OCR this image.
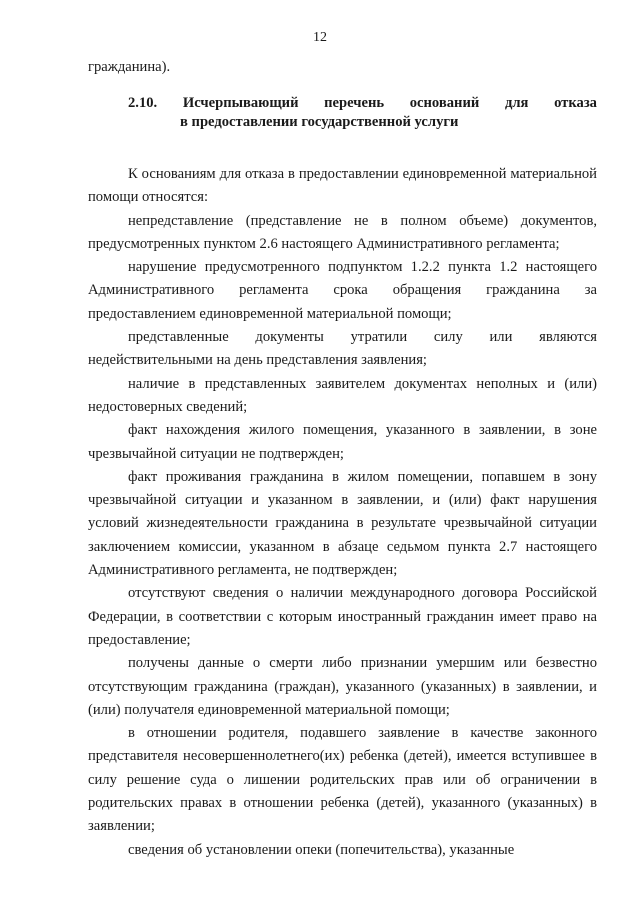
12
гражданина).
2.10. Исчерпывающий перечень оснований для отказа
в предоставлении государственной услуги

К основаниям для отказа в предоставлении единовременной материальной помощи относятся:

непредставление (представление не в полном объеме) документов, предусмотренных пунктом 2.6 настоящего Административного регламента;

нарушение предусмотренного подпунктом 1.2.2 пункта 1.2 настоящего Административного регламента срока обращения гражданина за предоставлением единовременной материальной помощи;

представленные документы утратили силу или являются недействительными на день представления заявления;

наличие в представленных заявителем документах неполных и (или) недостоверных сведений;

факт нахождения жилого помещения, указанного в заявлении, в зоне чрезвычайной ситуации не подтвержден;

факт проживания гражданина в жилом помещении, попавшем в зону чрезвычайной ситуации и указанном в заявлении, и (или) факт нарушения условий жизнедеятельности гражданина в результате чрезвычайной ситуации заключением комиссии, указанном в абзаце седьмом пункта 2.7 настоящего Административного регламента, не подтвержден;

отсутствуют сведения о наличии международного договора Российской Федерации, в соответствии с которым иностранный гражданин имеет право на предоставление;

получены данные о смерти либо признании умершим или безвестно отсутствующим гражданина (граждан), указанного (указанных) в заявлении, и (или) получателя единовременной материальной помощи;

в отношении родителя, подавшего заявление в качестве законного представителя несовершеннолетнего(их) ребенка (детей), имеется вступившее в силу решение суда о лишении родительских прав или об ограничении в родительских правах в отношении ребенка (детей), указанного (указанных) в заявлении;

сведения об установлении опеки (попечительства), указанные
